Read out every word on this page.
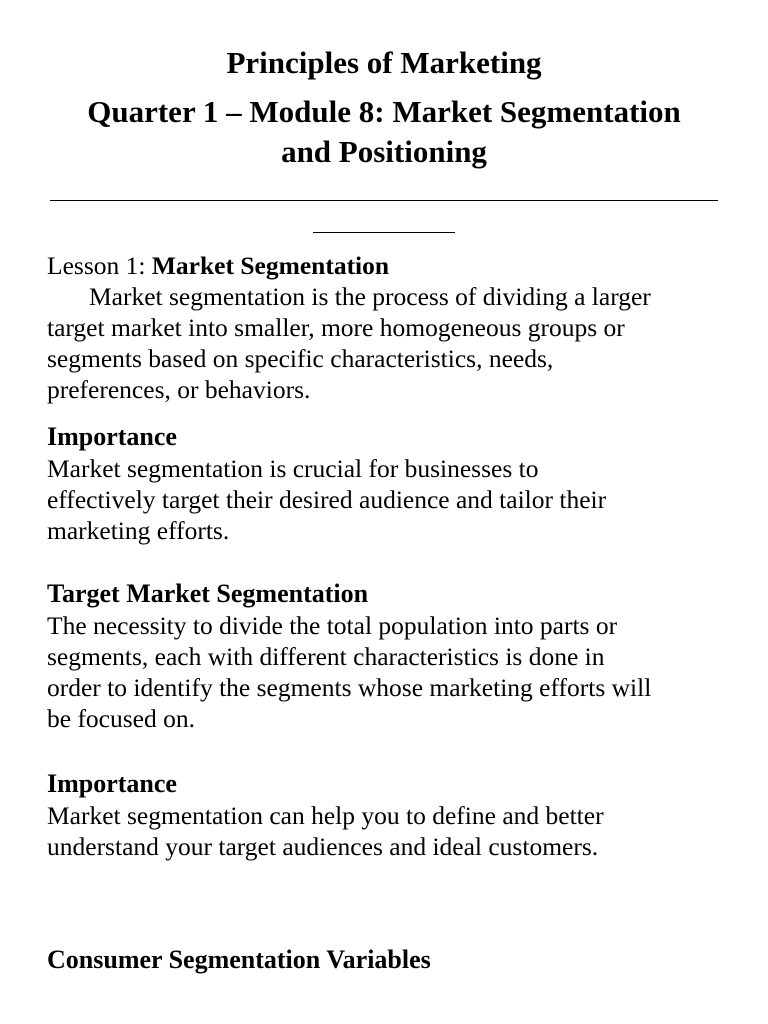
Principles of Marketing
Quarter 1 – Module 8: Market Segmentation
and Positioning
Lesson 1: Market Segmentation
Market segmentation is the process of dividing a larger
target market into smaller, more homogeneous groups or
segments based on specific characteristics, needs,
preferences, or behaviors.
Importance
Market segmentation is crucial for businesses to
effectively target their desired audience and tailor their
marketing efforts.
Target Market Segmentation
The necessity to divide the total population into parts or
segments, each with different characteristics is done in
order to identify the segments whose marketing efforts will
be focused on.
Importance
Market segmentation can help you to define and better
understand your target audiences and ideal customers.
Consumer Segmentation Variables
